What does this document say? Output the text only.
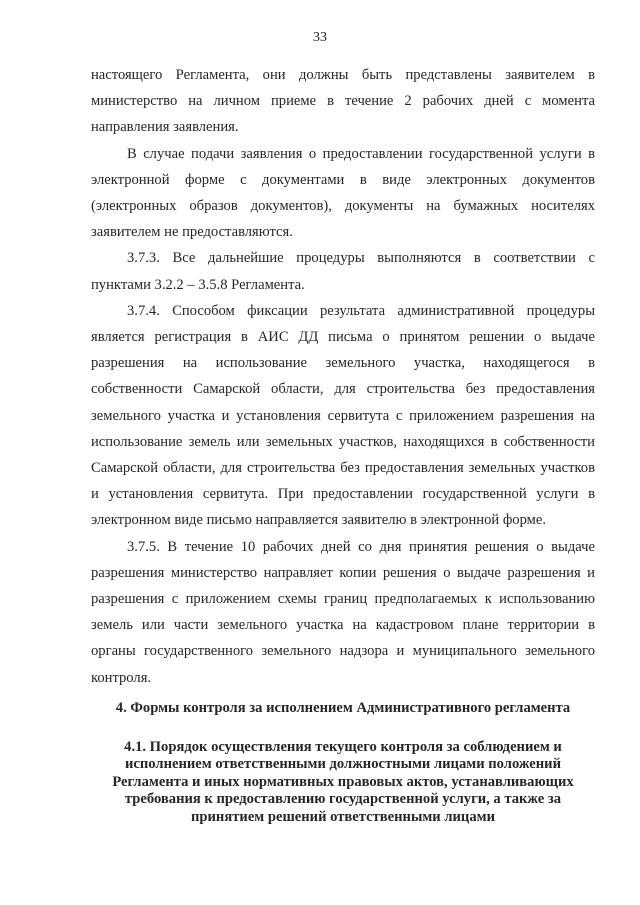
33

настоящего Регламента, они должны быть представлены заявителем в министерство на личном приеме в течение 2 рабочих дней с момента направления заявления.

В случае подачи заявления о предоставлении государственной услуги в электронной форме с документами в виде электронных документов (электронных образов документов), документы на бумажных носителях заявителем не предоставляются.

3.7.3. Все дальнейшие процедуры выполняются в соответствии с пунктами 3.2.2 – 3.5.8 Регламента.

3.7.4. Способом фиксации результата административной процедуры является регистрация в АИС ДД письма о принятом решении о выдаче разрешения на использование земельного участка, находящегося в собственности Самарской области, для строительства без предоставления земельного участка и установления сервитута с приложением разрешения на использование земель или земельных участков, находящихся в собственности Самарской области, для строительства без предоставления земельных участков и установления сервитута. При предоставлении государственной услуги в электронном виде письмо направляется заявителю в электронной форме.

3.7.5. В течение 10 рабочих дней со дня принятия решения о выдаче разрешения министерство направляет копии решения о выдаче разрешения и разрешения с приложением схемы границ предполагаемых к использованию земель или части земельного участка на кадастровом плане территории в органы государственного земельного надзора и муниципального земельного контроля.

4. Формы контроля за исполнением Административного регламента

4.1. Порядок осуществления текущего контроля за соблюдением и исполнением ответственными должностными лицами положений Регламента и иных нормативных правовых актов, устанавливающих требования к предоставлению государственной услуги, а также за принятием решений ответственными лицами
